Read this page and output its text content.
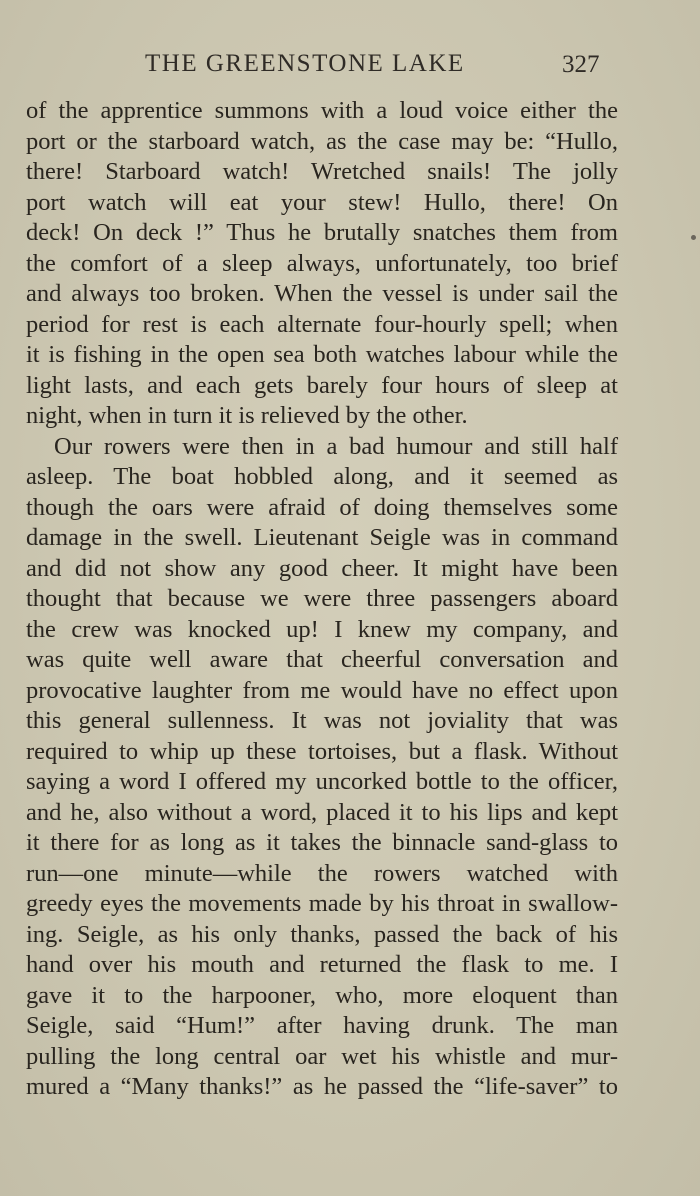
THE GREENSTONE LAKE	327
of the apprentice summons with a loud voice either the
port or the starboard watch, as the case may be: “Hullo,
there! Starboard watch! Wretched snails! The jolly
port watch will eat your stew! Hullo, there! On
deck! On deck !” Thus he brutally snatches them from
the comfort of a sleep always, unfortunately, too brief
and always too broken. When the vessel is under sail the
period for rest is each alternate four-hourly spell; when
it is fishing in the open sea both watches labour while the
light lasts, and each gets barely four hours of sleep at
night, when in turn it is relieved by the other.
Our rowers were then in a bad humour and still half
asleep. The boat hobbled along, and it seemed as
though the oars were afraid of doing themselves some
damage in the swell. Lieutenant Seigle was in command
and did not show any good cheer. It might have been
thought that because we were three passengers aboard
the crew was knocked up! I knew my company, and
was quite well aware that cheerful conversation and
provocative laughter from me would have no effect upon
this general sullenness. It was not joviality that was
required to whip up these tortoises, but a flask. Without
saying a word I offered my uncorked bottle to the officer,
and he, also without a word, placed it to his lips and kept
it there for as long as it takes the binnacle sand-glass to
run—one minute—while the rowers watched with
greedy eyes the movements made by his throat in swallow-
ing. Seigle, as his only thanks, passed the back of his
hand over his mouth and returned the flask to me. I
gave it to the harpooner, who, more eloquent than
Seigle, said “Hum!” after having drunk. The man
pulling the long central oar wet his whistle and mur-
mured a “Many thanks!” as he passed the “life-saver” to
